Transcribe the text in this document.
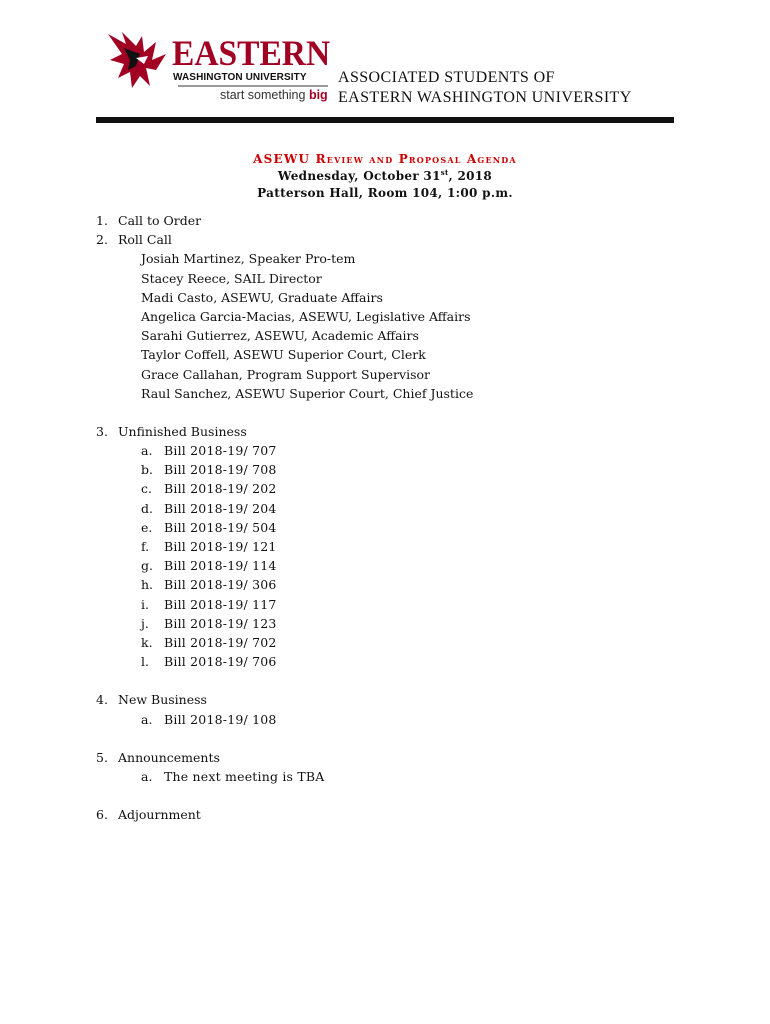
EASTERN
WASHINGTON UNIVERSITY
start something big
ASSOCIATED STUDENTS OF
EASTERN WASHINGTON UNIVERSITY
ASEWU Review and Proposal Agenda
Wednesday, October 31st, 2018
Patterson Hall, Room 104, 1:00 p.m.
1. Call to Order
2. Roll Call
Josiah Martinez, Speaker Pro-tem
Stacey Reece, SAIL Director
Madi Casto, ASEWU, Graduate Affairs
Angelica Garcia-Macias, ASEWU, Legislative Affairs
Sarahi Gutierrez, ASEWU, Academic Affairs
Taylor Coffell, ASEWU Superior Court, Clerk
Grace Callahan, Program Support Supervisor
Raul Sanchez, ASEWU Superior Court, Chief Justice
3. Unfinished Business
a. Bill 2018-19/ 707
b. Bill 2018-19/ 708
c. Bill 2018-19/ 202
d. Bill 2018-19/ 204
e. Bill 2018-19/ 504
f. Bill 2018-19/ 121
g. Bill 2018-19/ 114
h. Bill 2018-19/ 306
i. Bill 2018-19/ 117
j. Bill 2018-19/ 123
k. Bill 2018-19/ 702
l. Bill 2018-19/ 706
4. New Business
a. Bill 2018-19/ 108
5. Announcements
a. The next meeting is TBA
6. Adjournment
